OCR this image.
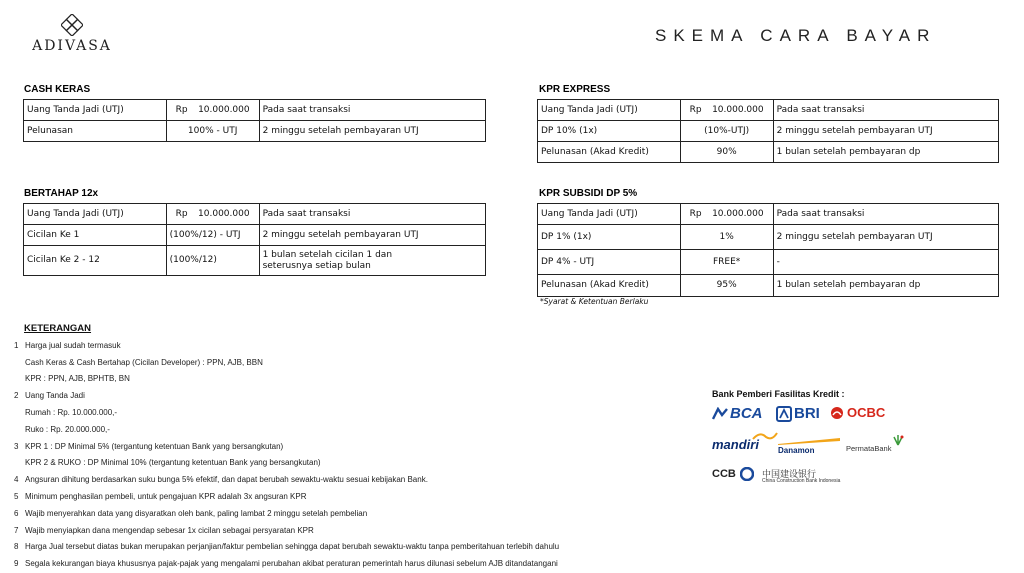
ADIVASA
SKEMA CARA BAYAR
CASH KERAS
Uang Tanda Jadi (UTJ)	Rp 10.000.000	Pada saat transaksi
Pelunasan	100% - UTJ	2 minggu setelah pembayaran UTJ
BERTAHAP 12x
Uang Tanda Jadi (UTJ)	Rp 10.000.000	Pada saat transaksi
Cicilan Ke 1	(100%/12) - UTJ	2 minggu setelah pembayaran UTJ
Cicilan Ke 2 - 12	(100%/12)	1 bulan setelah cicilan 1 dan
seterusnya setiap bulan
KPR EXPRESS
Uang Tanda Jadi (UTJ)	Rp 10.000.000	Pada saat transaksi
DP 10% (1x)	(10%-UTJ)	2 minggu setelah pembayaran UTJ
Pelunasan (Akad Kredit)	90%	1 bulan setelah pembayaran dp
KPR SUBSIDI DP 5%
Uang Tanda Jadi (UTJ)	Rp 10.000.000	Pada saat transaksi
DP 1% (1x)	1%	2 minggu setelah pembayaran UTJ
DP 4% - UTJ	FREE*	-
Pelunasan (Akad Kredit)	95%	1 bulan setelah pembayaran dp
*Syarat & Ketentuan Berlaku
KETERANGAN
1 Harga jual sudah termasuk
Cash Keras & Cash Bertahap (Cicilan Developer) : PPN, AJB, BBN
KPR : PPN, AJB, BPHTB, BN
2 Uang Tanda Jadi
Rumah : Rp. 10.000.000,-
Ruko : Rp. 20.000.000,-
3 KPR 1 : DP Minimal 5% (tergantung ketentuan Bank yang bersangkutan)
KPR 2 & RUKO : DP Minimal 10% (tergantung ketentuan Bank yang bersangkutan)
4 Angsuran dihitung berdasarkan suku bunga 5% efektif, dan dapat berubah sewaktu-waktu sesuai kebijakan Bank.
5 Minimum penghasilan pembeli, untuk pengajuan KPR adalah 3x angsuran KPR
6 Wajib menyerahkan data yang disyaratkan oleh bank, paling lambat 2 minggu setelah pembelian
7 Wajib menyiapkan dana mengendap sebesar 1x cicilan sebagai persyaratan KPR
8 Harga Jual tersebut diatas bukan merupakan perjanjian/faktur pembelian sehingga dapat berubah sewaktu-waktu tanpa pemberitahuan terlebih dahulu
9 Segala kekurangan biaya khususnya pajak-pajak yang mengalami perubahan akibat peraturan pemerintah harus dilunasi sebelum AJB ditandatangani
Bank Pemberi Fasilitas Kredit :
BCA BRI OCBC
mandiri Danamon	PermataBank
CCB	中国建设银行
China Construction Bank Indonesia
